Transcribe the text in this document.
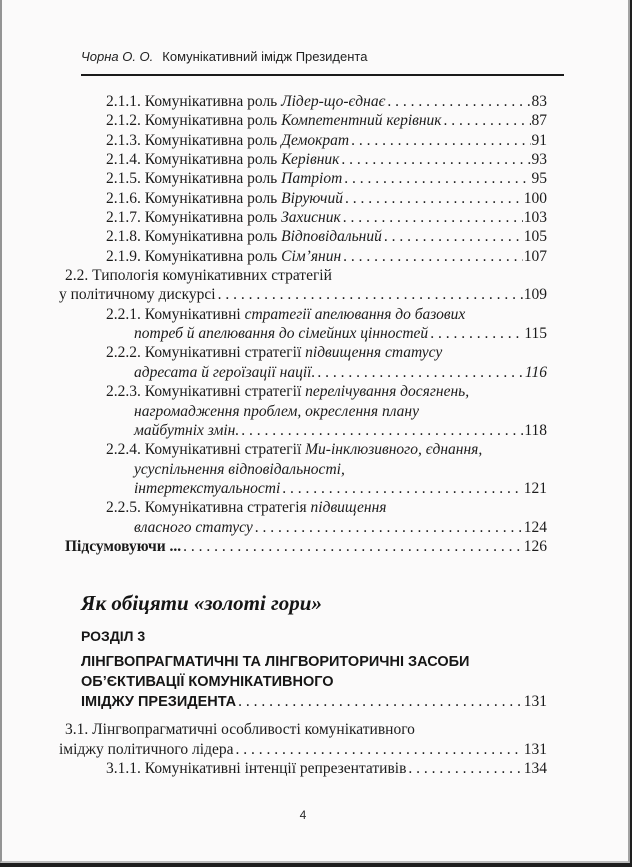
Чорна О. О. Комунікативний імідж Президента
2.1.1. Комунікативна роль Лідер-що-єднає . . .	83
2.1.2. Комунікативна роль Компетентний керівник . . .	87
2.1.3. Комунікативна роль Демократ . . .	91
2.1.4. Комунікативна роль Керівник . . .	93
2.1.5. Комунікативна роль Патріот . . .	95
2.1.6. Комунікативна роль Віруючий . . .	100
2.1.7. Комунікативна роль Захисник . . .	103
2.1.8. Комунікативна роль Відповідальний . . .	105
2.1.9. Комунікативна роль Сім’янин . . .	107
2.2. Типологія комунікативних стратегій
у політичному дискурсі . . .	109
2.2.1. Комунікативні стратегії апелювання до базових
потреб й апелювання до сімейних цінностей . . .	115
2.2.2. Комунікативні стратегії підвищення статусу
адресата й героїзації нації. . . .	116
2.2.3. Комунікативні стратегії перелічування досягнень,
нагромадження проблем, окреслення плану
майбутніх змін. . . .	118
2.2.4. Комунікативні стратегії Ми-інклюзивного, єднання,
усуспільнення відповідальності,
інтертекстуальності . . .	121
2.2.5. Комунікативна стратегія підвищення
власного статусу . . .	124
Підсумовуючи ... . . .	126
Як обіцяти «золоті гори»
РОЗДІЛ 3
ЛІНГВОПРАГМАТИЧНІ ТА ЛІНГВОРИТОРИЧНІ ЗАСОБИ
ОБ’ЄКТИВАЦІЇ КОМУНІКАТИВНОГО
ІМІДЖУ ПРЕЗИДЕНТА . . .	131
3.1. Лінгвопрагматичні особливості комунікативного
іміджу політичного лідера . . .	131
3.1.1. Комунікативні інтенції репрезентативів . . .	134
4
